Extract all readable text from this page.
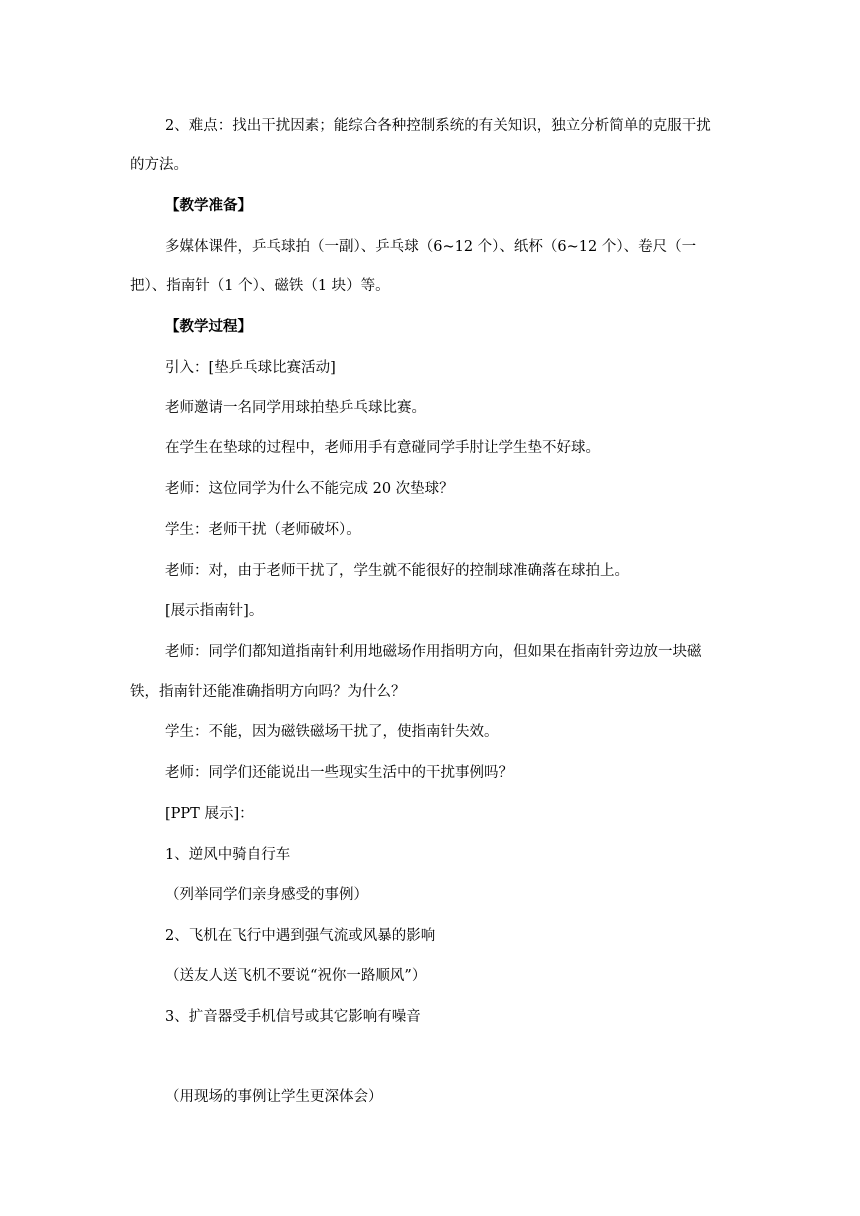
2、难点：找出干扰因素；能综合各种控制系统的有关知识，独立分析简单的克服干扰
的方法。
【教学准备】
多媒体课件，乒乓球拍（一副）、乒乓球（6~12 个）、纸杯（6~12 个）、卷尺（一
把）、指南针（1 个）、磁铁（1 块）等。
【教学过程】
引入：[垫乒乓球比赛活动]
老师邀请一名同学用球拍垫乒乓球比赛。
在学生在垫球的过程中，老师用手有意碰同学手肘让学生垫不好球。
老师：这位同学为什么不能完成 20 次垫球？
学生：老师干扰（老师破坏）。
老师：对，由于老师干扰了，学生就不能很好的控制球准确落在球拍上。
[展示指南针]。
老师：同学们都知道指南针利用地磁场作用指明方向，但如果在指南针旁边放一块磁
铁，指南针还能准确指明方向吗？为什么？
学生：不能，因为磁铁磁场干扰了，使指南针失效。
老师：同学们还能说出一些现实生活中的干扰事例吗？
[PPT 展示]：
1、逆风中骑自行车
（列举同学们亲身感受的事例）
2、飞机在飞行中遇到强气流或风暴的影响
（送友人送飞机不要说“祝你一路顺风”）
3、扩音器受手机信号或其它影响有噪音
（用现场的事例让学生更深体会）
